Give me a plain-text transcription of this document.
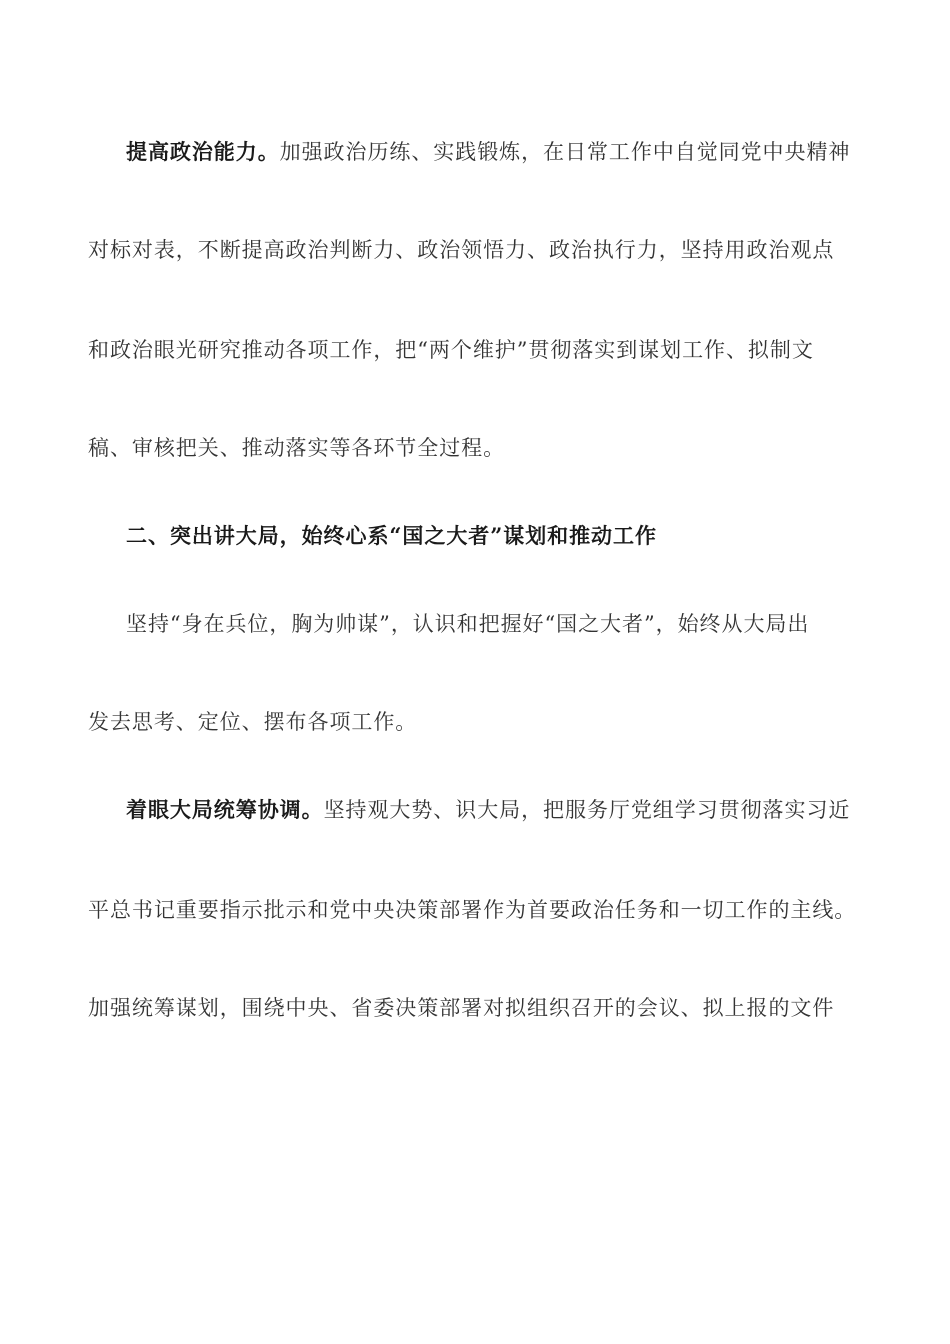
提高政治能力。加强政治历练、实践锻炼，在日常工作中自觉同党中央精神
对标对表，不断提高政治判断力、政治领悟力、政治执行力，坚持用政治观点
和政治眼光研究推动各项工作，把“两个维护”贯彻落实到谋划工作、拟制文
稿、审核把关、推动落实等各环节全过程。
二、突出讲大局，始终心系“国之大者”谋划和推动工作
坚持“身在兵位，胸为帅谋”，认识和把握好“国之大者”，始终从大局出
发去思考、定位、摆布各项工作。
着眼大局统筹协调。坚持观大势、识大局，把服务厅党组学习贯彻落实习近
平总书记重要指示批示和党中央决策部署作为首要政治任务和一切工作的主线。
加强统筹谋划，围绕中央、省委决策部署对拟组织召开的会议、拟上报的文件
